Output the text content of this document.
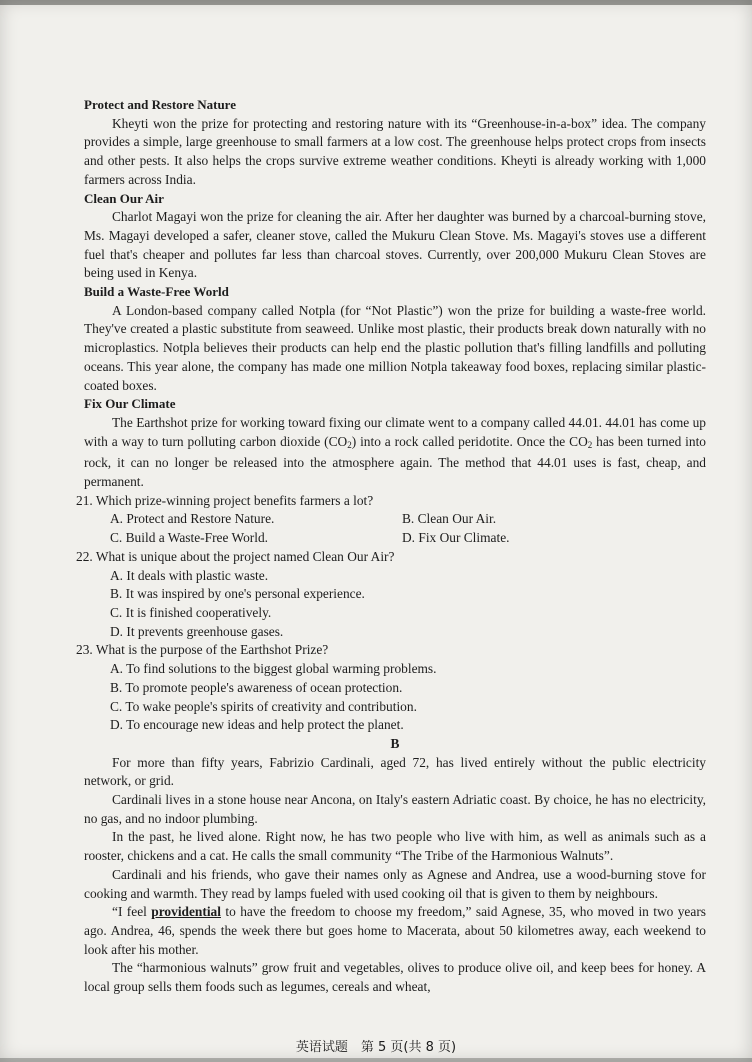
Protect and Restore Nature

Kheyti won the prize for protecting and restoring nature with its “Greenhouse-in-a-box” idea. The company provides a simple, large greenhouse to small farmers at a low cost. The greenhouse helps protect crops from insects and other pests. It also helps the crops survive extreme weather conditions. Kheyti is already working with 1,000 farmers across India.

Clean Our Air

Charlot Magayi won the prize for cleaning the air. After her daughter was burned by a charcoal-burning stove, Ms. Magayi developed a safer, cleaner stove, called the Mukuru Clean Stove. Ms. Magayi's stoves use a different fuel that's cheaper and pollutes far less than charcoal stoves. Currently, over 200,000 Mukuru Clean Stoves are being used in Kenya.

Build a Waste-Free World

A London-based company called Notpla (for “Not Plastic”) won the prize for building a waste-free world. They've created a plastic substitute from seaweed. Unlike most plastic, their products break down naturally with no microplastics. Notpla believes their products can help end the plastic pollution that's filling landfills and polluting oceans. This year alone, the company has made one million Notpla takeaway food boxes, replacing similar plastic-coated boxes.

Fix Our Climate

The Earthshot prize for working toward fixing our climate went to a company called 44.01. 44.01 has come up with a way to turn polluting carbon dioxide $(CO_2)$ into a rock called peridotite. Once the $CO_2$ has been turned into rock, it can no longer be released into the atmosphere again. The method that 44.01 uses is fast, cheap, and permanent.

21. Which prize-winning project benefits farmers a lot?

A. Protect and Restore Nature.	B. Clean Our Air.
C. Build a Waste-Free World.	D. Fix Our Climate.

22. What is unique about the project named Clean Our Air?

A. It deals with plastic waste.
B. It was inspired by one's personal experience.
C. It is finished cooperatively.
D. It prevents greenhouse gases.

23. What is the purpose of the Earthshot Prize?

A. To find solutions to the biggest global warming problems.
B. To promote people's awareness of ocean protection.
C. To wake people's spirits of creativity and contribution.
D. To encourage new ideas and help protect the planet.

B

For more than fifty years, Fabrizio Cardinali, aged 72, has lived entirely without the public electricity network, or grid.

Cardinali lives in a stone house near Ancona, on Italy's eastern Adriatic coast. By choice, he has no electricity, no gas, and no indoor plumbing.

In the past, he lived alone. Right now, he has two people who live with him, as well as animals such as a rooster, chickens and a cat. He calls the small community “The Tribe of the Harmonious Walnuts”.

Cardinali and his friends, who gave their names only as Agnese and Andrea, use a wood-burning stove for cooking and warmth. They read by lamps fueled with used cooking oil that is given to them by neighbours.

“I feel providential to have the freedom to choose my freedom,” said Agnese, 35, who moved in two years ago. Andrea, 46, spends the week there but goes home to Macerata, about 50 kilometres away, each weekend to look after his mother.

The “harmonious walnuts” grow fruit and vegetables, olives to produce olive oil, and keep bees for honey. A local group sells them foods such as legumes, cereals and wheat,

英语试题　第 5 页(共 8 页)
